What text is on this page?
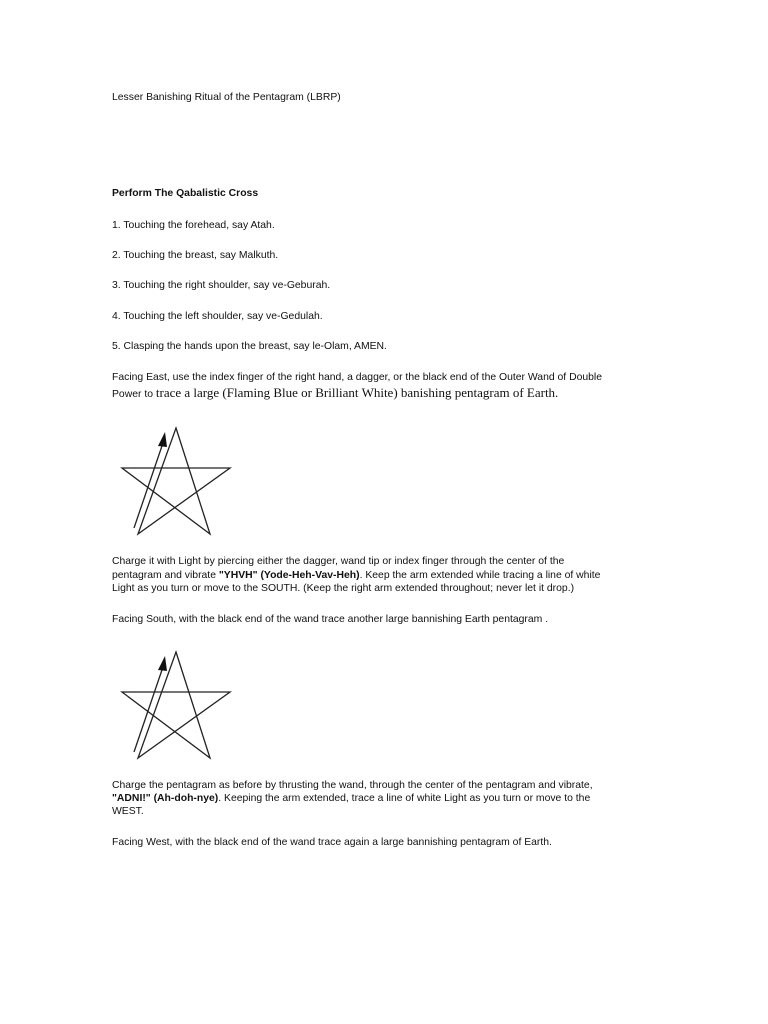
Lesser Banishing Ritual of the Pentagram (LBRP)
Perform The Qabalistic Cross
1. Touching the forehead, say Atah.
2. Touching the breast, say Malkuth.
3. Touching the right shoulder, say ve-Geburah.
4. Touching the left shoulder, say ve-Gedulah.
5. Clasping the hands upon the breast, say le-Olam, AMEN.
Facing East, use the index finger of the right hand, a dagger, or the black end of the Outer Wand of Double
Power to trace a large (Flaming Blue or Brilliant White) banishing pentagram of Earth.
Charge it with Light by piercing either the dagger, wand tip or index finger through the center of the
pentagram and vibrate "YHVH" (Yode-Heh-Vav-Heh). Keep the arm extended while tracing a line of white
Light as you turn or move to the SOUTH. (Keep the right arm extended throughout; never let it drop.)
Facing South, with the black end of the wand trace another large bannishing Earth pentagram .
Charge the pentagram as before by thrusting the wand, through the center of the pentagram and vibrate,
"ADNI!" (Ah-doh-nye). Keeping the arm extended, trace a line of white Light as you turn or move to the
WEST.
Facing West, with the black end of the wand trace again a large bannishing pentagram of Earth.
